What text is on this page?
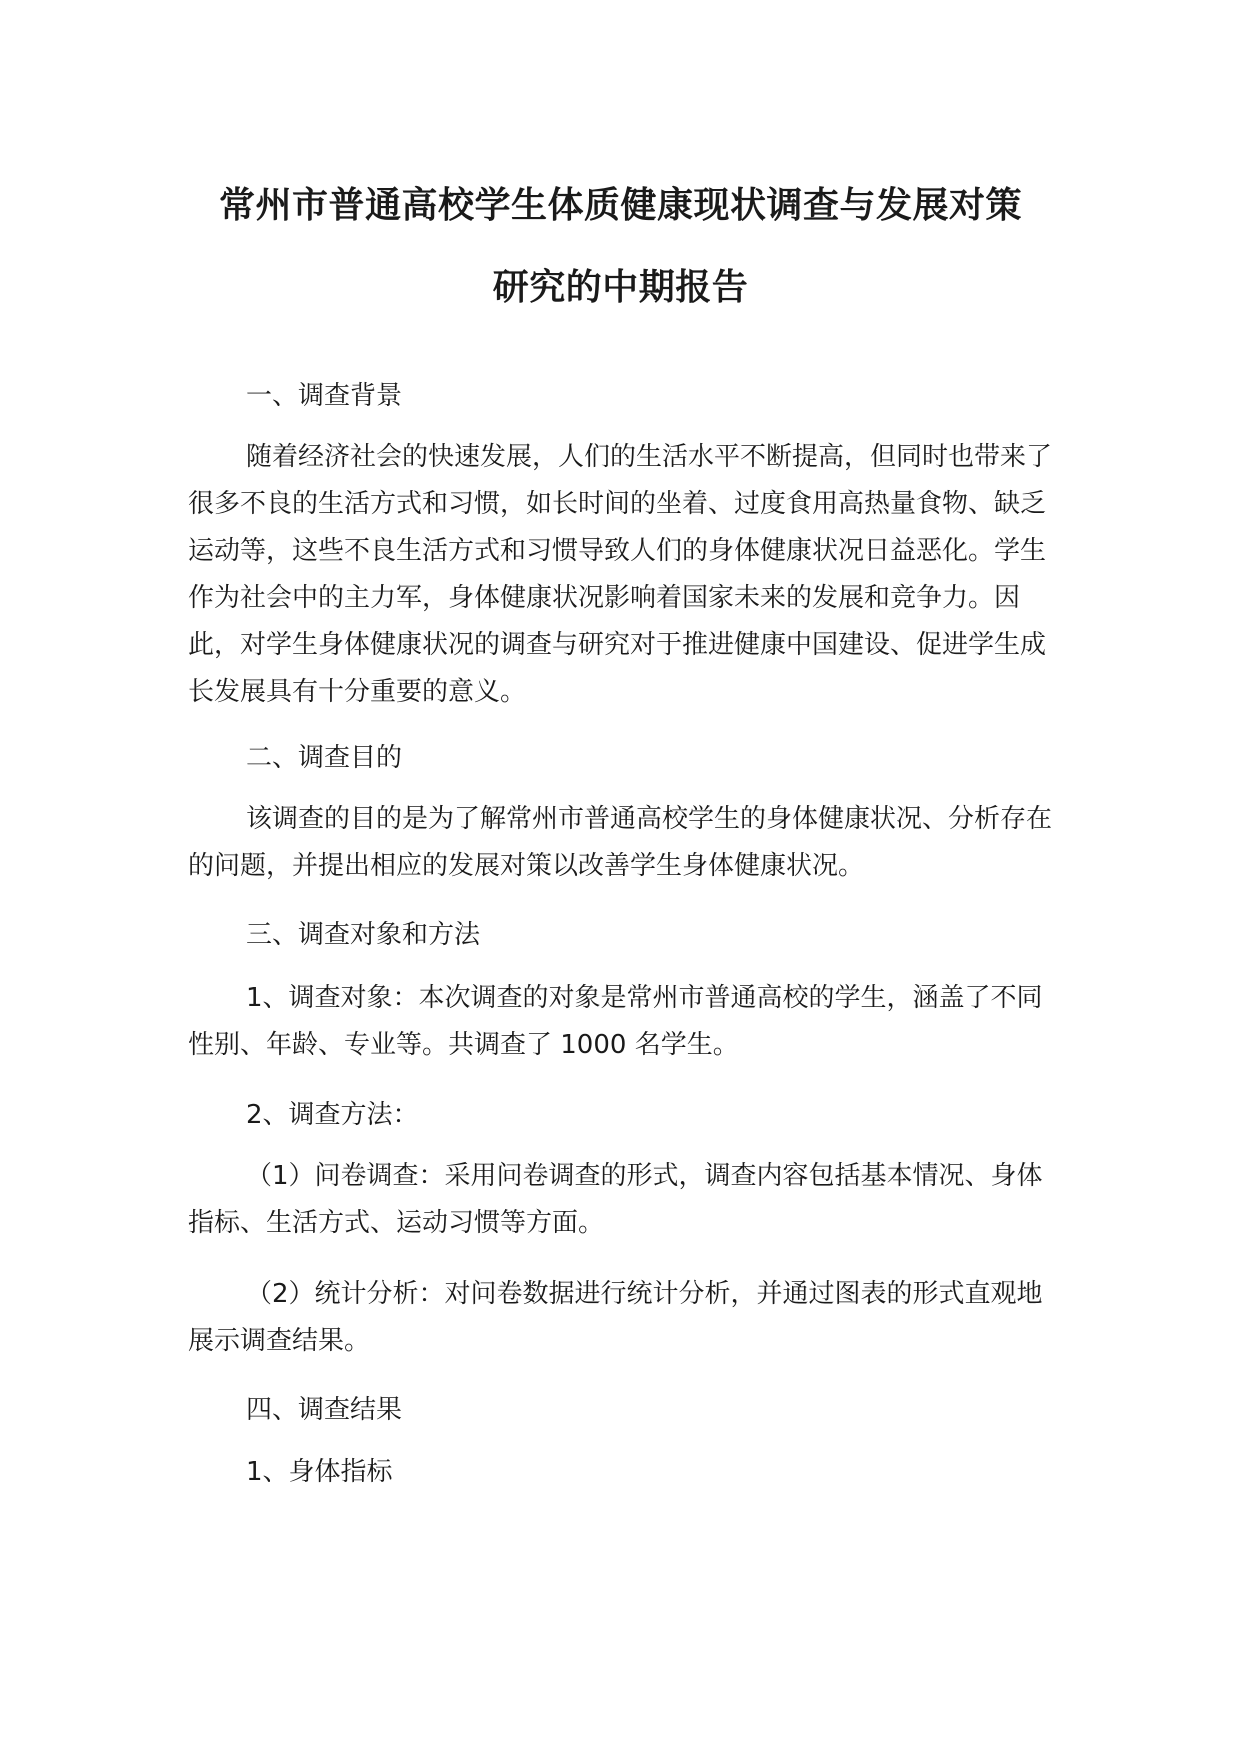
常州市普通高校学生体质健康现状调查与发展对策
研究的中期报告
一、调查背景

随着经济社会的快速发展，人们的生活水平不断提高，但同时也带来了很多不良的生活方式和习惯，如长时间的坐着、过度食用高热量食物、缺乏运动等，这些不良生活方式和习惯导致人们的身体健康状况日益恶化。学生作为社会中的主力军，身体健康状况影响着国家未来的发展和竞争力。因此，对学生身体健康状况的调查与研究对于推进健康中国建设、促进学生成长发展具有十分重要的意义。

二、调查目的

该调查的目的是为了解常州市普通高校学生的身体健康状况、分析存在的问题，并提出相应的发展对策以改善学生身体健康状况。

三、调查对象和方法

1、调查对象：本次调查的对象是常州市普通高校的学生，涵盖了不同性别、年龄、专业等。共调查了 1000 名学生。

2、调查方法：

（1）问卷调查：采用问卷调查的形式，调查内容包括基本情况、身体指标、生活方式、运动习惯等方面。

（2）统计分析：对问卷数据进行统计分析，并通过图表的形式直观地展示调查结果。

四、调查结果
1、身体指标
